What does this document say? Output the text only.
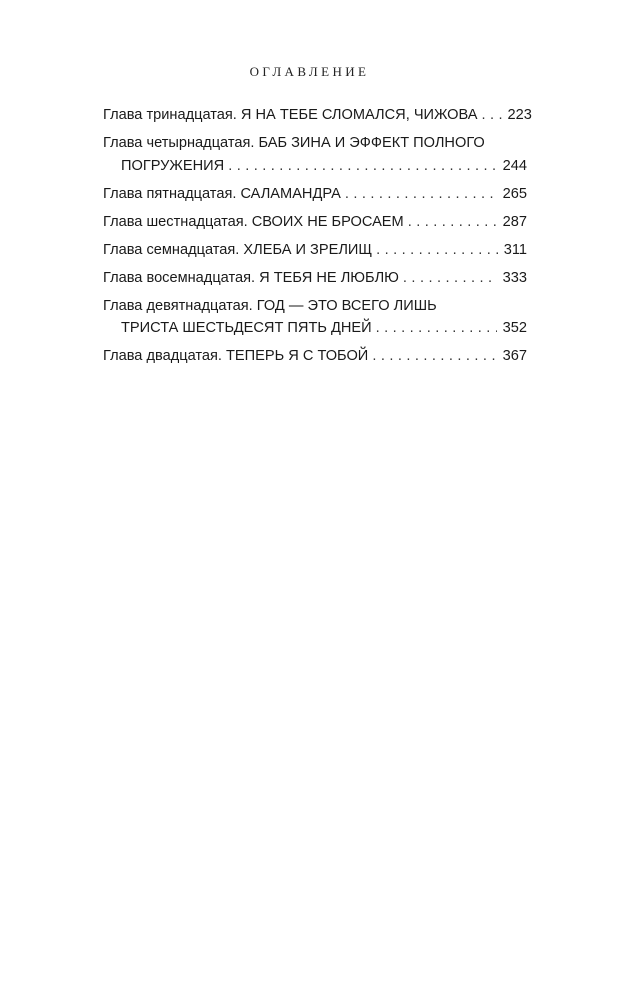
ОГЛАВЛЕНИЕ
Глава тринадцатая. Я НА ТЕБЕ СЛОМАЛСЯ, ЧИЖОВА . . . 223
Глава четырнадцатая. БАБ ЗИНА И ЭФФЕКТ ПОЛНОГО
ПОГРУЖЕНИЯ . . .	244
Глава пятнадцатая. САЛАМАНДРА . . .	265
Глава шестнадцатая. СВОИХ НЕ БРОСАЕМ . . .	287
Глава семнадцатая. ХЛЕБА И ЗРЕЛИЩ . . .	311
Глава восемнадцатая. Я ТЕБЯ НЕ ЛЮБЛЮ . . .	333
Глава девятнадцатая. ГОД — ЭТО ВСЕГО ЛИШЬ
ТРИСТА ШЕСТЬДЕСЯТ ПЯТЬ ДНЕЙ . . .	352
Глава двадцатая. ТЕПЕРЬ Я С ТОБОЙ . . .	367
